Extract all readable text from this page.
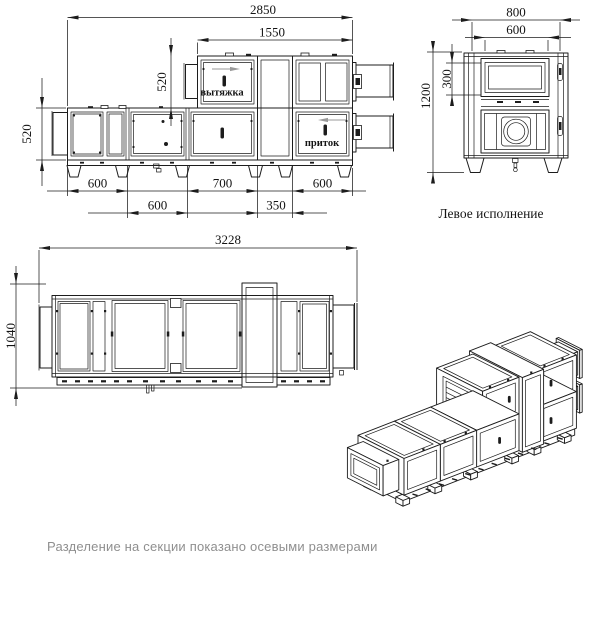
2850
1550
520
520
600	700	600
600	350
вытяжка
приток
800
600
300
1200
Левое исполнение
3228
1040
Разделение на секции показано осевыми размерами
